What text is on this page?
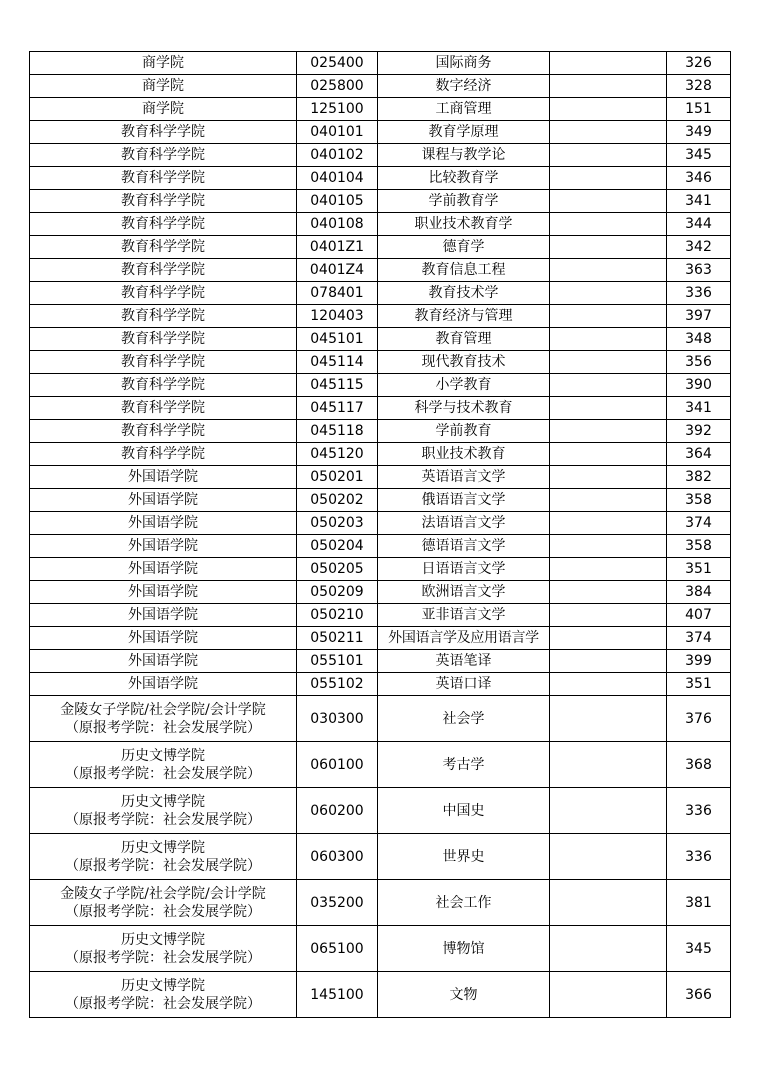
商学院	025400	国际商务		326

商学院	025800	数字经济		328

商学院	125100	工商管理		151

教育科学学院	040101	教育学原理		349

教育科学学院	040102	课程与教学论		345

教育科学学院	040104	比较教育学		346

教育科学学院	040105	学前教育学		341

教育科学学院	040108	职业技术教育学		344

教育科学学院	0401Z1	德育学		342

教育科学学院	0401Z4	教育信息工程		363

教育科学学院	078401	教育技术学		336

教育科学学院	120403	教育经济与管理		397

教育科学学院	045101	教育管理		348

教育科学学院	045114	现代教育技术		356

教育科学学院	045115	小学教育		390

教育科学学院	045117	科学与技术教育		341

教育科学学院	045118	学前教育		392

教育科学学院	045120	职业技术教育		364

外国语学院	050201	英语语言文学		382

外国语学院	050202	俄语语言文学		358

外国语学院	050203	法语语言文学		374

外国语学院	050204	德语语言文学		358

外国语学院	050205	日语语言文学		351

外国语学院	050209	欧洲语言文学		384

外国语学院	050210	亚非语言文学		407

外国语学院	050211	外国语言学及应用语言学		374

外国语学院	055101	英语笔译		399

外国语学院	055102	英语口译		351

金陵女子学院/社会学院/会计学院
（原报考学院：社会发展学院）	030300	社会学		376

历史文博学院
（原报考学院：社会发展学院）	060100	考古学		368

历史文博学院
（原报考学院：社会发展学院）	060200	中国史		336

历史文博学院
（原报考学院：社会发展学院）	060300	世界史		336

金陵女子学院/社会学院/会计学院
（原报考学院：社会发展学院）	035200	社会工作		381

历史文博学院
（原报考学院：社会发展学院）	065100	博物馆		345

历史文博学院
（原报考学院：社会发展学院）	145100	文物		366
